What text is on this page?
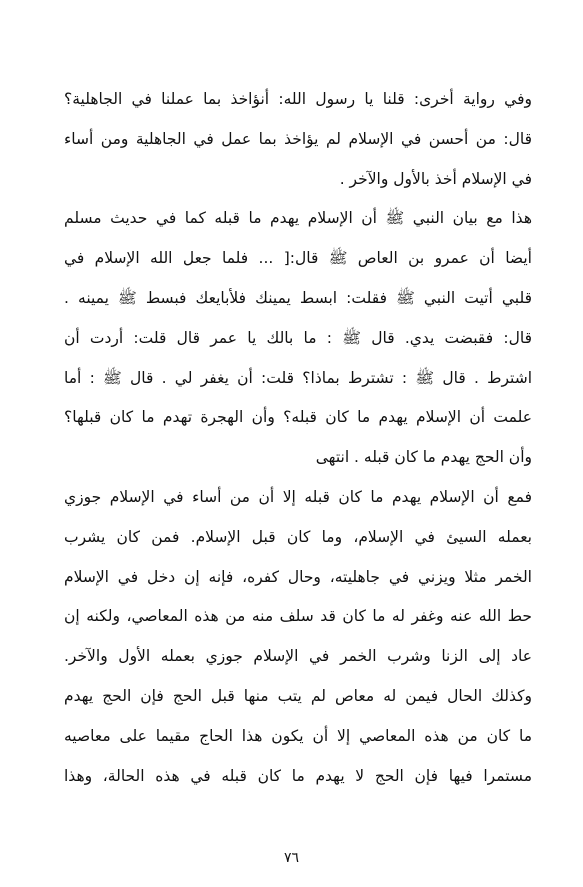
وفي رواية أخرى: قلنا يا رسول الله: أنؤاخذ بما عملنا في الجاهلية؟
قال: من أحسن في الإسلام لم يؤاخذ بما عمل في الجاهلية ومن أساء
في الإسلام أخذ بالأول والآخر .
هذا مع بيان النبي ﷺ أن الإسلام يهدم ما قبله كما في حديث مسلم
أيضا أن عمرو بن العاص ﷺ قال:[ ... فلما جعل الله الإسلام في
قلبي أتيت النبي ﷺ فقلت: ابسط يمينك فلأبايعك فبسط ﷺ يمينه .
قال: فقبضت يدي. قال ﷺ : ما بالك يا عمر قال قلت: أردت أن
اشترط . قال ﷺ : تشترط بماذا؟ قلت: أن يغفر لي . قال ﷺ : أما
علمت أن الإسلام يهدم ما كان قبله؟ وأن الهجرة تهدم ما كان قبلها؟
وأن الحج يهدم ما كان قبله . انتهى
فمع أن الإسلام يهدم ما كان قبله إلا أن من أساء في الإسلام جوزي
بعمله السيئ في الإسلام، وما كان قبل الإسلام. فمن كان يشرب
الخمر مثلا ويزني في جاهليته، وحال كفره، فإنه إن دخل في الإسلام
حط الله عنه وغفر له ما كان قد سلف منه من هذه المعاصي، ولكنه إن
عاد إلى الزنا وشرب الخمر في الإسلام جوزي بعمله الأول والآخر.
وكذلك الحال فيمن له معاص لم يتب منها قبل الحج فإن الحج يهدم
ما كان من هذه المعاصي إلا أن يكون هذا الحاج مقيما على معاصيه
مستمرا فيها فإن الحج لا يهدم ما كان قبله في هذه الحالة، وهذا
٧٦
